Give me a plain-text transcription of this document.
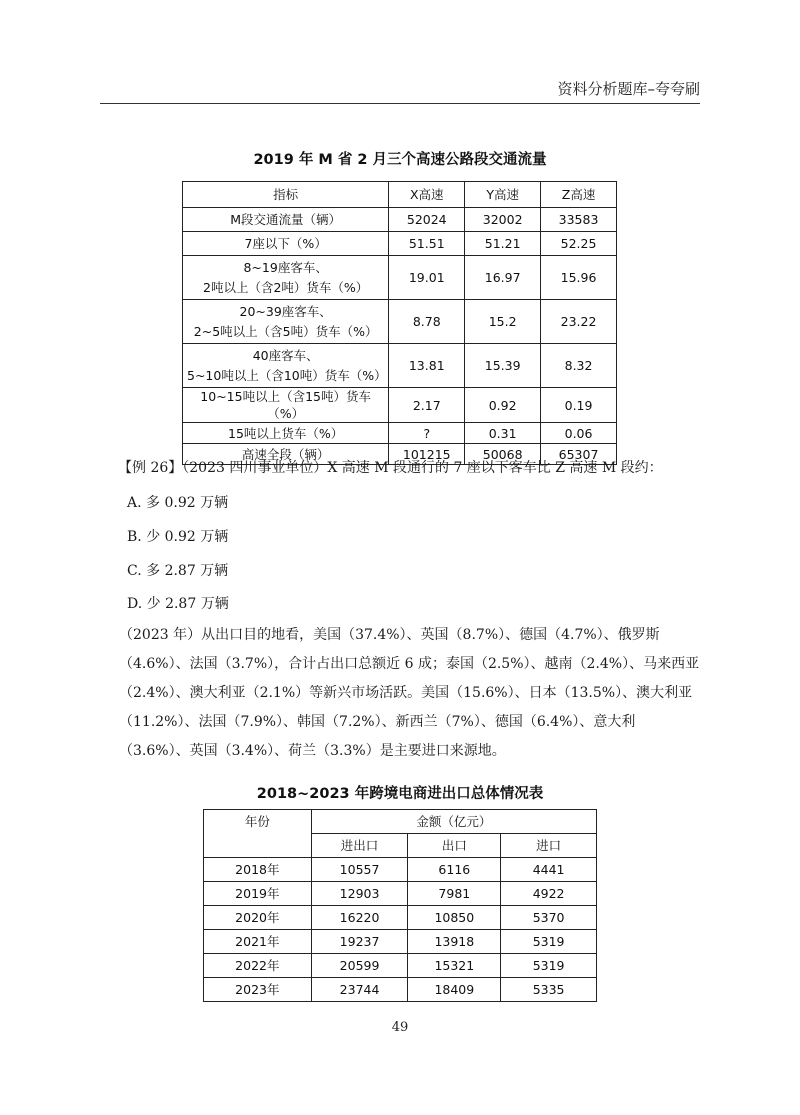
资料分析题库–夸夸刷
2019 年 M 省 2 月三个高速公路段交通流量
指标	X高速	Y高速	Z高速
M段交通流量（辆）	52024	32002	33583
7座以下（%）	51.51	51.21	52.25
8~19座客车、
2吨以上（含2吨）货车（%）	19.01	16.97	15.96
20~39座客车、
2~5吨以上（含5吨）货车（%）	8.78	15.2	23.22
40座客车、
5~10吨以上（含10吨）货车（%）	13.81	15.39	8.32
10~15吨以上（含15吨）货车（%）	2.17	0.92	0.19
15吨以上货车（%）	?	0.31	0.06
高速全段（辆）	101215	50068	65307
【例 26】（2023 四川事业单位）X 高速 M 段通行的 7 座以下客车比 Z 高速 M 段约：
A. 多 0.92 万辆
B. 少 0.92 万辆
C. 多 2.87 万辆
D. 少 2.87 万辆
（2023 年）从出口目的地看，美国（37.4%）、英国（8.7%）、德国（4.7%）、俄罗斯（4.6%）、法国（3.7%），合计占出口总额近 6 成；泰国（2.5%）、越南（2.4%）、马来西亚（2.4%）、澳大利亚（2.1%）等新兴市场活跃。美国（15.6%）、日本（13.5%）、澳大利亚（11.2%）、法国（7.9%）、韩国（7.2%）、新西兰（7%）、德国（6.4%）、意大利（3.6%）、英国（3.4%）、荷兰（3.3%）是主要进口来源地。
2018~2023 年跨境电商进出口总体情况表
年份	金额（亿元）		
	进出口	出口	进口
2018年	10557	6116	4441
2019年	12903	7981	4922
2020年	16220	10850	5370
2021年	19237	13918	5319
2022年	20599	15321	5319
2023年	23744	18409	5335
49
